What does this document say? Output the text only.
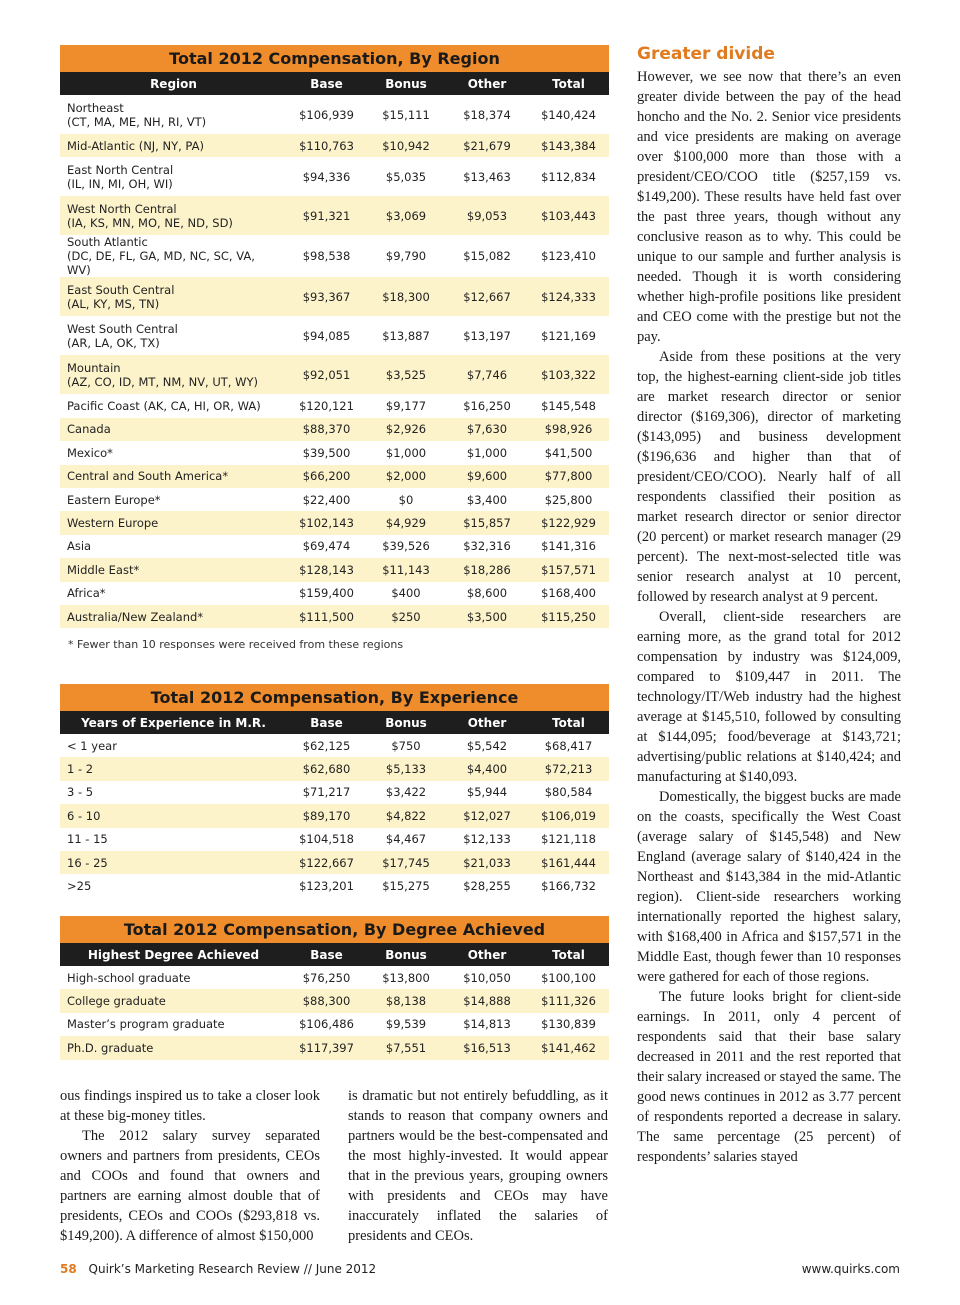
Total 2012 Compensation, By Region
Region	Base	Bonus	Other	Total

Northeast
(CT, MA, ME, NH, RI, VT)	$106,939	$15,111	$18,374	$140,424

Mid-Atlantic (NJ, NY, PA)	$110,763	$10,942	$21,679	$143,384

East North Central
(IL, IN, MI, OH, WI)	$94,336	$5,035	$13,463	$112,834

West North Central
(IA, KS, MN, MO, NE, ND, SD)	$91,321	$3,069	$9,053	$103,443

South Atlantic
(DC, DE, FL, GA, MD, NC, SC, VA, WV)	$98,538	$9,790	$15,082	$123,410

East South Central
(AL, KY, MS, TN)	$93,367	$18,300	$12,667	$124,333

West South Central
(AR, LA, OK, TX)	$94,085	$13,887	$13,197	$121,169

Mountain
(AZ, CO, ID, MT, NM, NV, UT, WY)	$92,051	$3,525	$7,746	$103,322

Pacific Coast (AK, CA, HI, OR, WA)	$120,121	$9,177	$16,250	$145,548

Canada	$88,370	$2,926	$7,630	$98,926

Mexico*	$39,500	$1,000	$1,000	$41,500

Central and South America*	$66,200	$2,000	$9,600	$77,800

Eastern Europe*	$22,400	$0	$3,400	$25,800

Western Europe	$102,143	$4,929	$15,857	$122,929

Asia	$69,474	$39,526	$32,316	$141,316

Middle East*	$128,143	$11,143	$18,286	$157,571

Africa*	$159,400	$400	$8,600	$168,400

Australia/New Zealand*	$111,500	$250	$3,500	$115,250
* Fewer than 10 responses were received from these regions
Total 2012 Compensation, By Experience
Years of Experience in M.R.	Base	Bonus	Other	Total

< 1 year	$62,125	$750	$5,542	$68,417

1 - 2	$62,680	$5,133	$4,400	$72,213

3 - 5	$71,217	$3,422	$5,944	$80,584

6 - 10	$89,170	$4,822	$12,027	$106,019

11 - 15	$104,518	$4,467	$12,133	$121,118

16 - 25	$122,667	$17,745	$21,033	$161,444

>25	$123,201	$15,275	$28,255	$166,732
Total 2012 Compensation, By Degree Achieved
Highest Degree Achieved	Base	Bonus	Other	Total

High-school graduate	$76,250	$13,800	$10,050	$100,100

College graduate	$88,300	$8,138	$14,888	$111,326

Master’s program graduate	$106,486	$9,539	$14,813	$130,839

Ph.D. graduate	$117,397	$7,551	$16,513	$141,462
Greater divide

However, we see now that there’s an even greater divide between the pay of the head honcho and the No. 2. Senior vice presidents and vice presidents are making on average over $100,000 more than those with a president/CEO/COO title ($257,159 vs. $149,200). These results have held fast over the past three years, though without any conclusive reason as to why. This could be unique to our sample and further analysis is needed. Though it is worth considering whether high-profile positions like president and CEO come with the prestige but not the pay.

Aside from these positions at the very top, the highest-earning client-side job titles are market research director or senior director ($169,306), director of marketing ($143,095) and business development ($196,636 and higher than that of president/CEO/COO). Nearly half of all respondents classified their position as market research director or senior director (20 percent) or market research manager (29 percent). The next-most-selected title was senior research analyst at 10 percent, followed by research analyst at 9 percent.

Overall, client-side researchers are earning more, as the grand total for 2012 compensation by industry was $124,009, compared to $109,447 in 2011. The technology/IT/Web industry had the highest average at $145,510, followed by consulting at $144,095; food/beverage at $143,721; advertising/public relations at $140,424; and manufacturing at $140,093.

Domestically, the biggest bucks are made on the coasts, specifically the West Coast (average salary of $145,548) and New England (average salary of $140,424 in the Northeast and $143,384 in the mid-Atlantic region). Client-side researchers working internationally reported the highest salary, with $168,400 in Africa and $157,571 in the Middle East, though fewer than 10 responses were gathered for each of those regions.

The future looks bright for client-side earnings. In 2011, only 4 percent of respondents said that their base salary decreased in 2011 and the rest reported that their salary increased or stayed the same. The good news continues in 2012 as 3.77 percent of respondents reported a decrease in salary. The same percentage (25 percent) of respondents’ salaries stayed

ous findings inspired us to take a closer look at these big-money titles.

The 2012 salary survey separated owners and partners from presidents, CEOs and COOs and found that owners and partners are earning almost double that of presidents, CEOs and COOs ($293,818 vs. $149,200). A difference of almost $150,000

is dramatic but not entirely befuddling, as it stands to reason that company owners and partners would be the best-compensated and the most highly-invested. It would appear that in the previous years, grouping owners with presidents and CEOs may have inaccurately inflated the salaries of presidents and CEOs.

58 Quirk’s Marketing Research Review // June 2012	www.quirks.com
